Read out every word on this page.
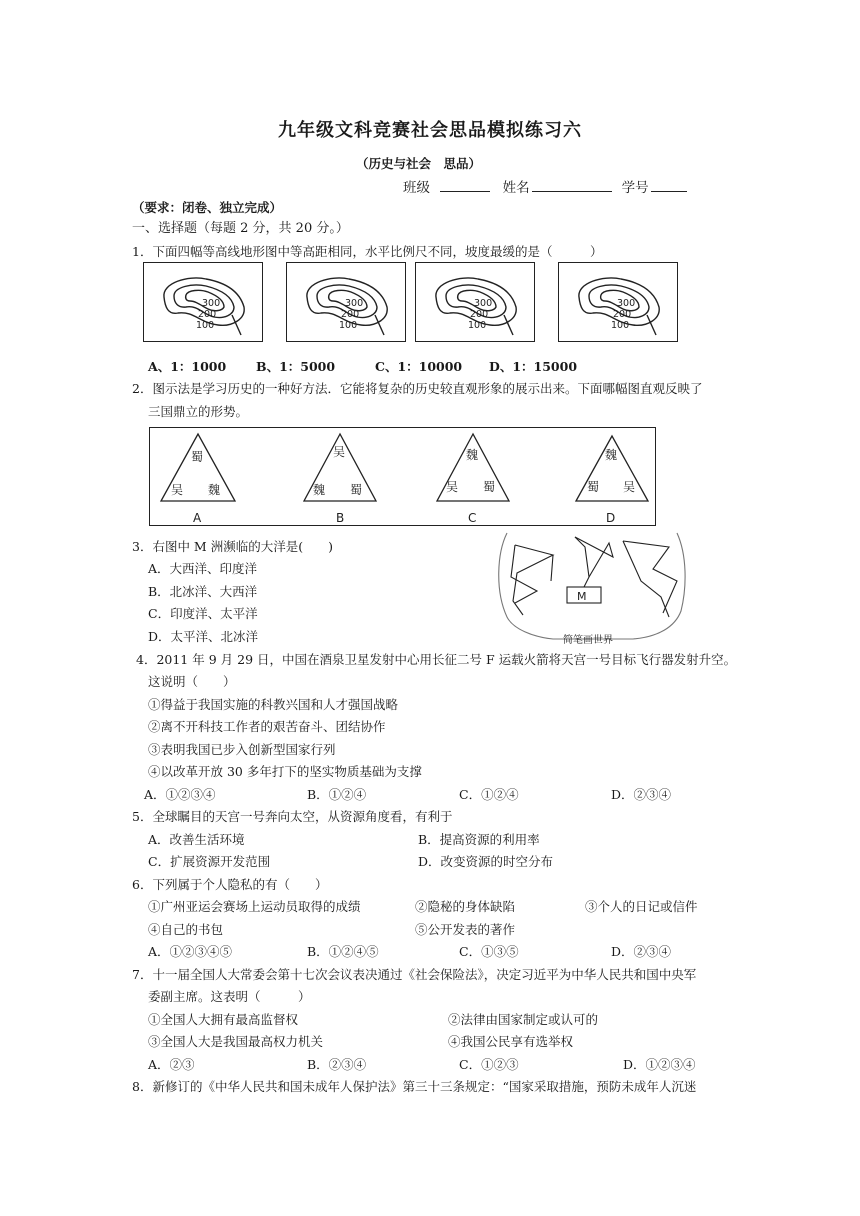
九年级文科竞赛社会思品模拟练习六
（历史与社会　思品）
班级	姓名	学号
（要求：闭卷、独立完成）
一、选择题（每题 2 分，共 20 分。）
1．下面四幅等高线地形图中等高距相同，水平比例尺不同，坡度最缓的是（　　　）
300
200
100
300
200
100
300
200
100
300
200
100
A、1：1000 B、1：5000	C、1：10000 D、1：15000
2．图示法是学习历史的一种好方法．它能将复杂的历史较直观形象的展示出来。下面哪幅图直观反映了
三国鼎立的形势。
蜀
吴 魏
A
吴
魏 蜀
B
魏
吴 蜀
C
魏
蜀 吴
D
3．右图中 M 洲濒临的大洋是(　　)
A．大西洋、印度洋
B．北冰洋、大西洋
C．印度洋、太平洋
D．太平洋、北冰洋
M
简笔画世界
4．2011 年 9 月 29 日，中国在酒泉卫星发射中心用长征二号 F 运载火箭将天宫一号目标飞行器发射升空。
这说明（　　）
①得益于我国实施的科教兴国和人才强国战略
②离不开科技工作者的艰苦奋斗、团结协作
③表明我国已步入创新型国家行列
④以改革开放 30 多年打下的坚实物质基础为支撑
A．①②③④	B．①②④	C．①②④	D．②③④
5．全球瞩目的天宫一号奔向太空，从资源角度看，有利于
A．改善生活环境	B．提高资源的利用率
C．扩展资源开发范围	D．改变资源的时空分布
6．下列属于个人隐私的有（　　）
①广州亚运会赛场上运动员取得的成绩	②隐秘的身体缺陷	③个人的日记或信件
④自己的书包	⑤公开发表的著作
A．①②③④⑤	B．①②④⑤	C．①③⑤	D．②③④
7．十一届全国人大常委会第十七次会议表决通过《社会保险法》，决定习近平为中华人民共和国中央军
委副主席。这表明（　　　）
①全国人大拥有最高监督权	②法律由国家制定或认可的
③全国人大是我国最高权力机关	④我国公民享有选举权
A．②③	B．②③④	C．①②③	D．①②③④
8．新修订的《中华人民共和国未成年人保护法》第三十三条规定：“国家采取措施，预防未成年人沉迷
